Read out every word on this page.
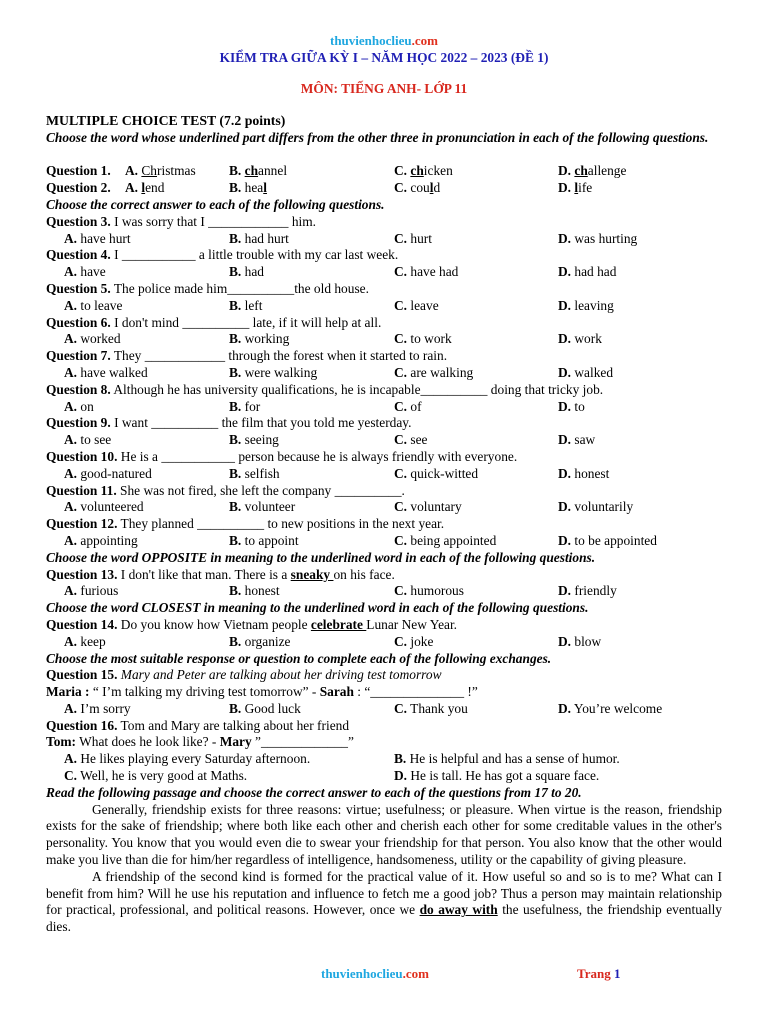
thuvienhoclieu.com
KIỂM TRA GIỮA KỲ I – NĂM HỌC 2022 – 2023 (ĐỀ 1)
MÔN: TIẾNG ANH- LỚP 11
MULTIPLE CHOICE TEST (7.2 points)
Choose the word whose underlined part differs from the other three in pronunciation in each of the following questions.
Question 1. A. Christmas B. channel	C. chicken	D. challenge
Question 2. A. lend	B. heal	C. could	D. life
Choose the correct answer to each of the following questions.
Question 3. I was sorry that I ____________ him.
A. have hurt	B. had hurt	C. hurt	D. was hurting
Question 4. I ___________ a little trouble with my car last week.
A. have	B. had	C. have had	D. had had
Question 5. The police made him__________the old house.
A. to leave	B. left	C. leave	D. leaving
Question 6. I don't mind __________ late, if it will help at all.
A. worked	B. working	C. to work	D. work
Question 7. They ____________ through the forest when it started to rain.
A. have walked	B. were walking	C. are walking	D. walked
Question 8. Although he has university qualifications, he is incapable__________ doing that tricky job.
A. on	B. for	C. of	D. to
Question 9. I want __________ the film that you told me yesterday.
A. to see	B. seeing	C. see	D. saw
Question 10. He is a ___________ person because he is always friendly with everyone.
A. good-natured	B. selfish	C. quick-witted	D. honest
Question 11. She was not fired, she left the company __________.
A. volunteered	B. volunteer	C. voluntary	D. voluntarily
Question 12. They planned __________ to new positions in the next year.
A. appointing	B. to appoint	C. being appointed	D. to be appointed
Choose the word OPPOSITE in meaning to the underlined word in each of the following questions.
Question 13. I don't like that man. There is a sneaky on his face.
A. furious	B. honest	C. humorous	D. friendly
Choose the word CLOSEST in meaning to the underlined word in each of the following questions.
Question 14. Do you know how Vietnam people celebrate Lunar New Year.
A. keep	B. organize	C. joke	D. blow
Choose the most suitable response or question to complete each of the following exchanges.
Question 15. Mary and Peter are talking about her driving test tomorrow
Maria : “ I’m talking my driving test tomorrow” - Sarah : “______________ !”
A. I’m sorry	B. Good luck	C. Thank you	D. You’re welcome
Question 16. Tom and Mary are talking about her friend
Tom: What does he look like? - Mary ”_____________”
A. He likes playing every Saturday afternoon.	B. He is helpful and has a sense of humor.
C. Well, he is very good at Maths.	D. He is tall. He has got a square face.
Read the following passage and choose the correct answer to each of the questions from 17 to 20.
Generally, friendship exists for three reasons: virtue; usefulness; or pleasure. When virtue is the reason, friendship exists for the sake of friendship; where both like each other and cherish each other for some creditable values in the other's personality. You know that you would even die to swear your friendship for that person. You also know that the other would make you live than die for him/her regardless of intelligence, handsomeness, utility or the capability of giving pleasure.
A friendship of the second kind is formed for the practical value of it. How useful so and so is to me? What can I benefit from him? Will he use his reputation and influence to fetch me a good job? Thus a person may maintain relationship for practical, professional, and political reasons. However, once we do away with the usefulness, the friendship eventually dies.
thuvienhoclieu.com	Trang 1
